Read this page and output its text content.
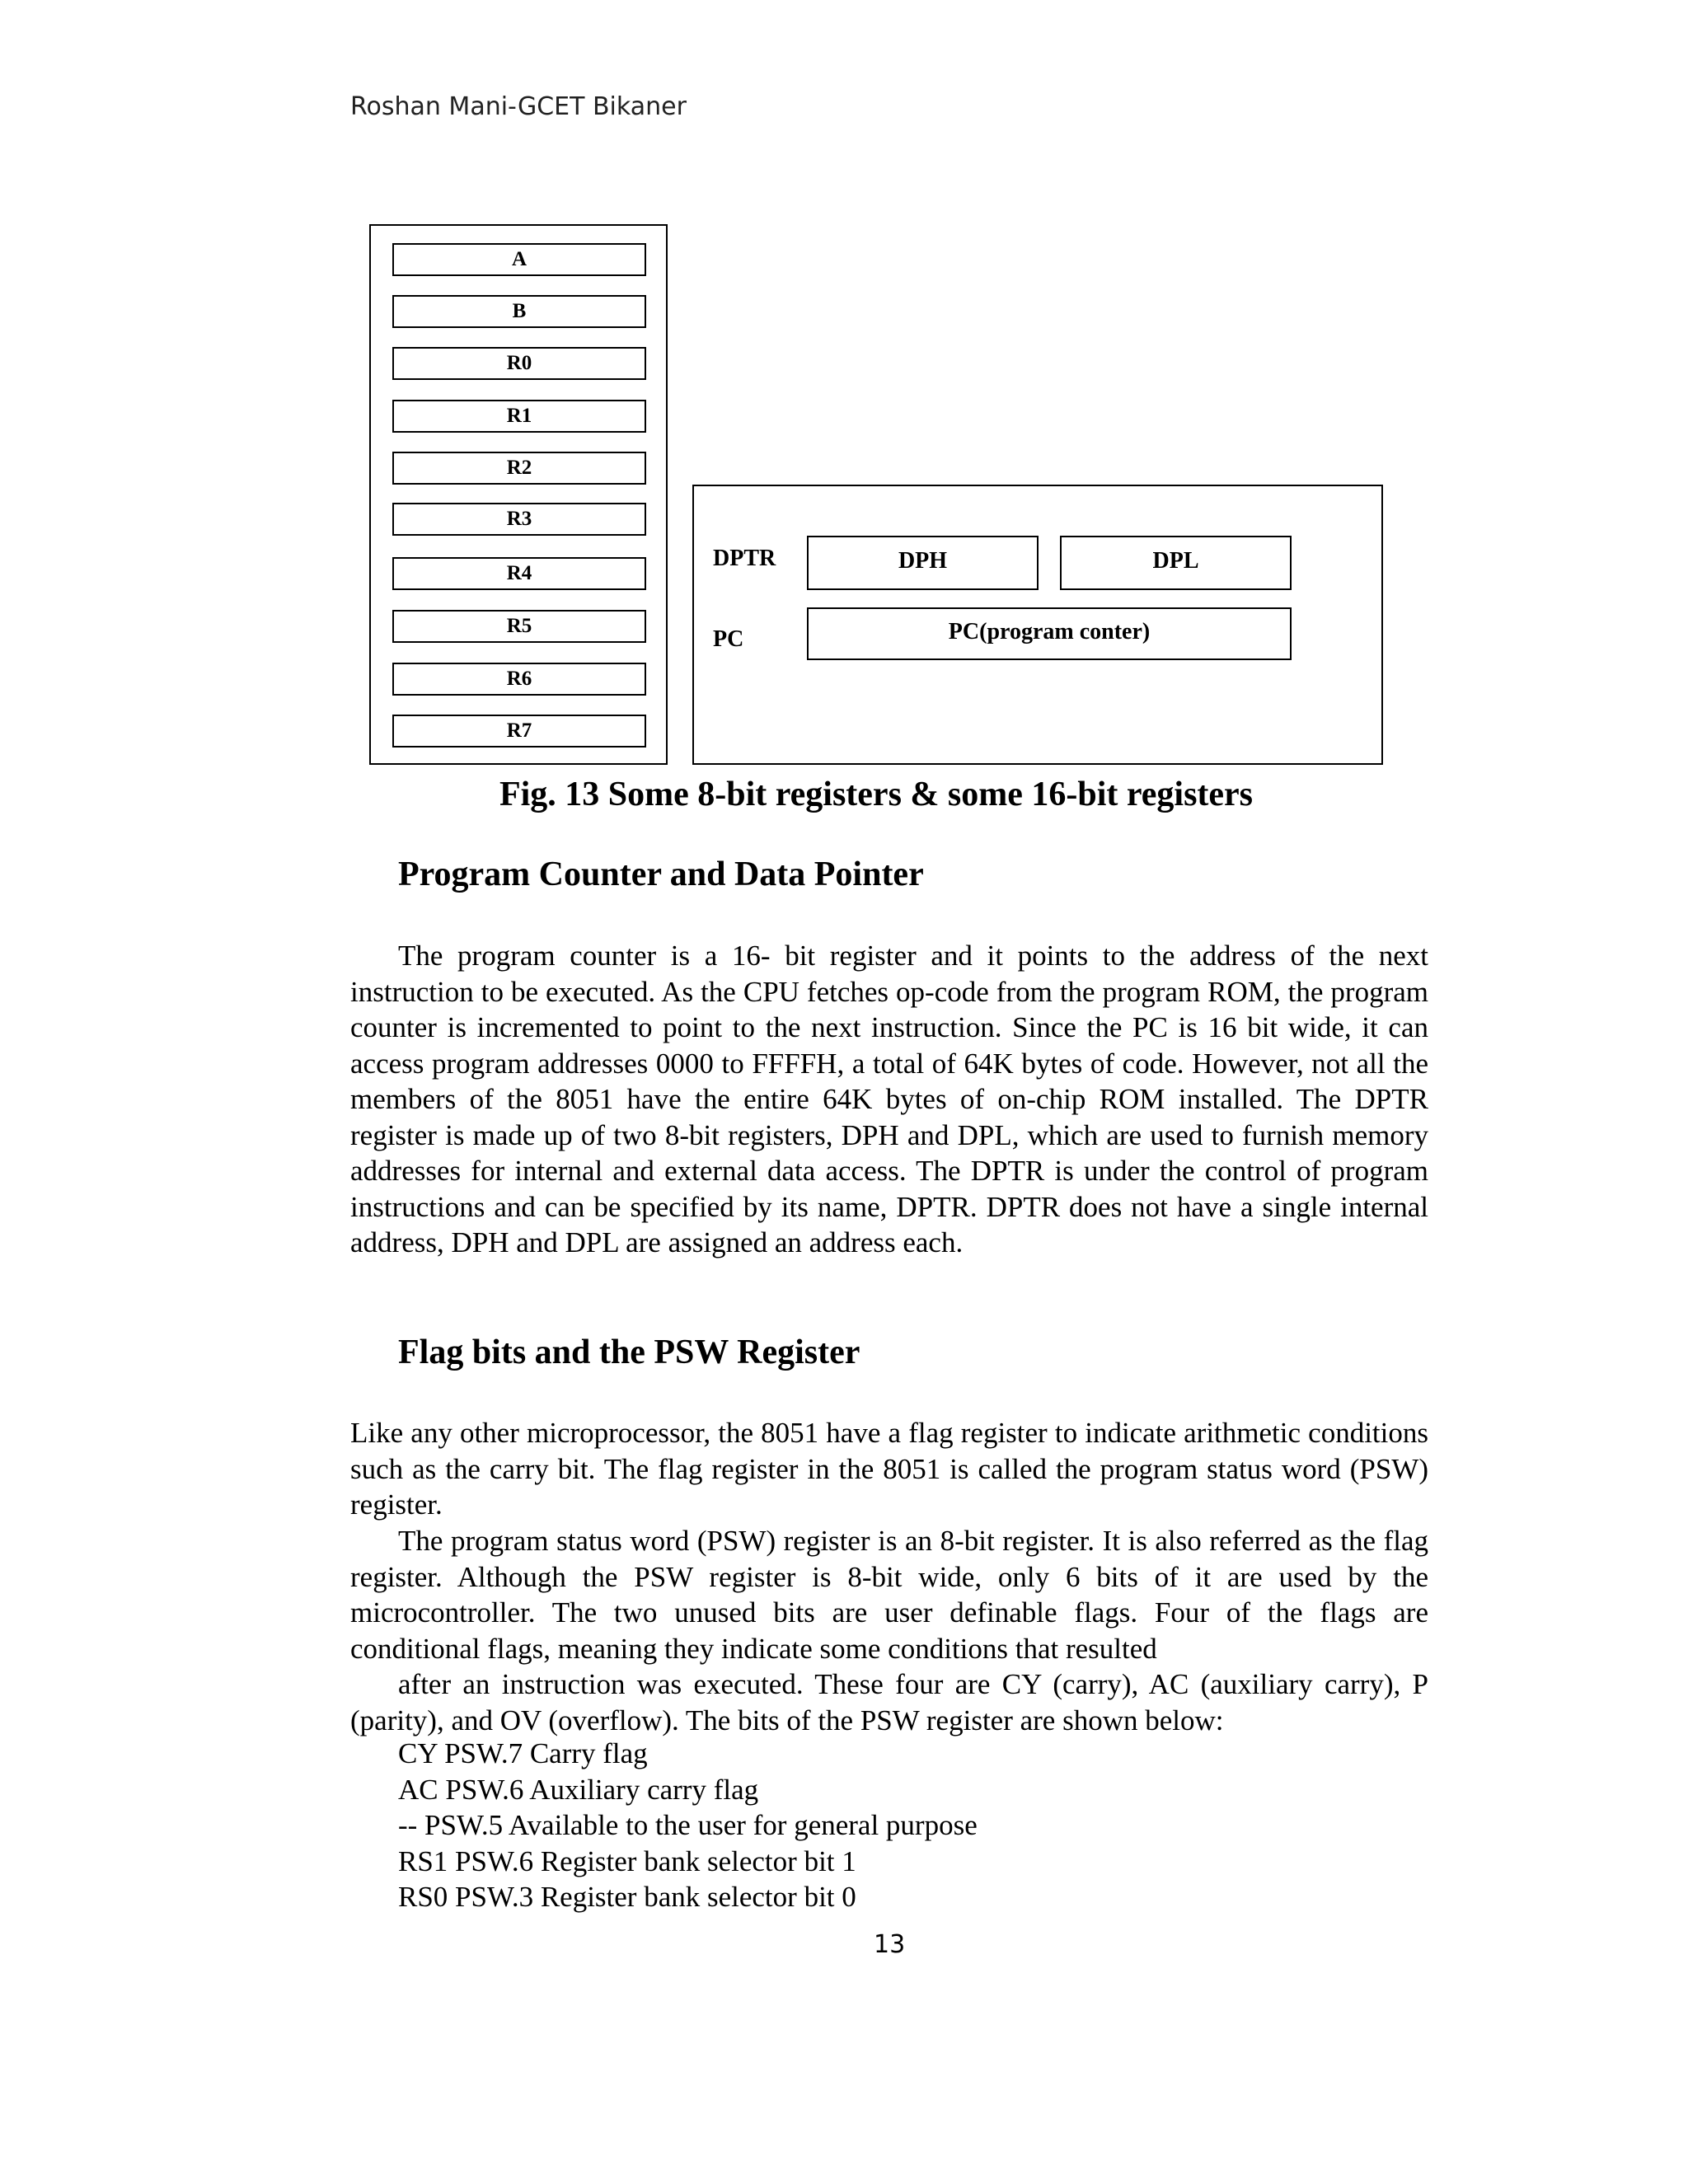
Roshan Mani-GCET Bikaner
A
B
R0
R1
R2
R3
R4
R5
R6
R7
DPTR	DPH	DPL
PC	PC(program conter)
Fig. 13 Some 8-bit registers & some 16-bit registers
Program Counter and Data Pointer
The program counter is a 16- bit register and it points to the address of the next instruction to be executed. As the CPU fetches op-code from the program ROM, the program counter is incremented to point to the next instruction. Since the PC is 16 bit wide, it can access program addresses 0000 to FFFFH, a total of 64K bytes of code. However, not all the members of the 8051 have the entire 64K bytes of on-chip ROM installed. The DPTR register is made up of two 8-bit registers, DPH and DPL, which are used to furnish memory addresses for internal and external data access. The DPTR is under the control of program instructions and can be specified by its name, DPTR. DPTR does not have a single internal address, DPH and DPL are assigned an address each.
Flag bits and the PSW Register
Like any other microprocessor, the 8051 have a flag register to indicate arithmetic conditions such as the carry bit. The flag register in the 8051 is called the program status word (PSW) register.
The program status word (PSW) register is an 8-bit register. It is also referred as the flag register. Although the PSW register is 8-bit wide, only 6 bits of it are used by the microcontroller. The two unused bits are user definable flags. Four of the flags are conditional flags, meaning they indicate some conditions that resulted
after an instruction was executed. These four are CY (carry), AC (auxiliary carry), P (parity), and OV (overflow). The bits of the PSW register are shown below:
CY PSW.7 Carry flag
AC PSW.6 Auxiliary carry flag
-- PSW.5 Available to the user for general purpose
RS1 PSW.6 Register bank selector bit 1
RS0 PSW.3 Register bank selector bit 0
13
